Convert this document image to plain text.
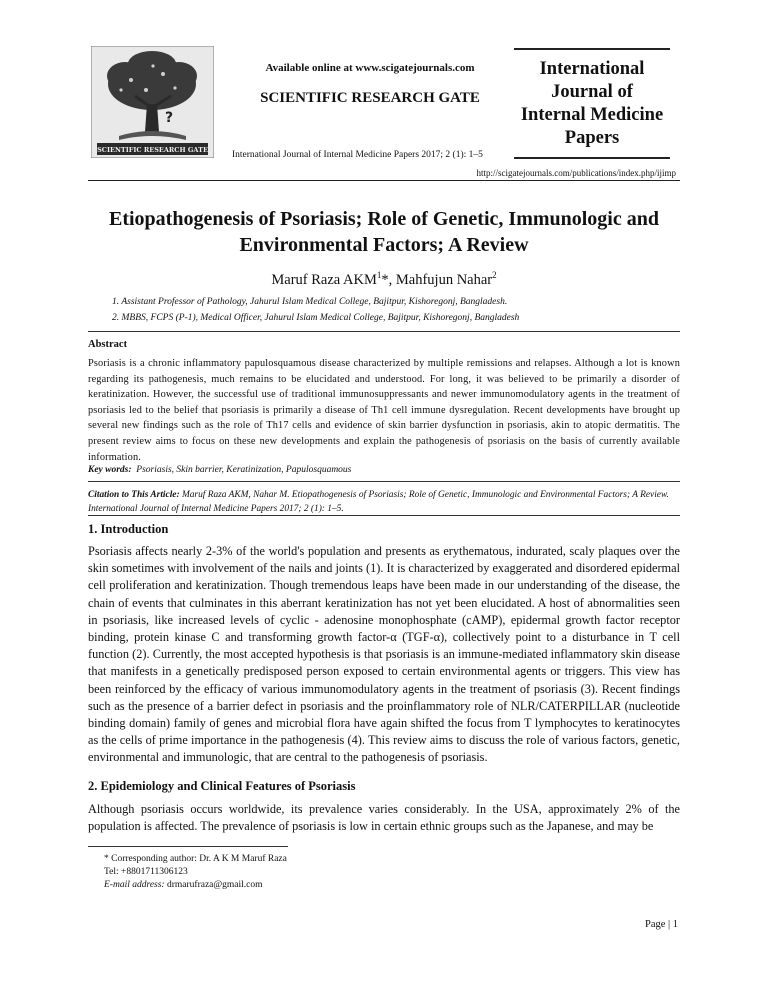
?
SCIENTIFIC RESEARCH GATE
Available online at www.scigatejournals.com
SCIENTIFIC RESEARCH GATE
International Journal of Internal Medicine Papers 2017; 2 (1): 1–5
International
Journal of
Internal Medicine
Papers
http://scigatejournals.com/publications/index.php/ijimp
Etiopathogenesis of Psoriasis; Role of Genetic, Immunologic and
Environmental Factors; A Review
Maruf Raza AKM$^1$*, Mahfujun Nahar$^2$
1. Assistant Professor of Pathology, Jahurul Islam Medical College, Bajitpur, Kishoregonj, Bangladesh.
2. MBBS, FCPS (P-1), Medical Officer, Jahurul Islam Medical College, Bajitpur, Kishoregonj, Bangladesh
Abstract
Psoriasis is a chronic inflammatory papulosquamous disease characterized by multiple remissions and relapses. Although a lot is known regarding its pathogenesis, much remains to be elucidated and understood. For long, it was believed to be primarily a disorder of keratinization. However, the successful use of traditional immunosuppressants and newer immunomodulatory agents in the treatment of psoriasis led to the belief that psoriasis is primarily a disease of Th1 cell immune dysregulation. Recent developments have brought up several new findings such as the role of Th17 cells and evidence of skin barrier dysfunction in psoriasis, akin to atopic dermatitis. The present review aims to focus on these new developments and explain the pathogenesis of psoriasis on the basis of currently available information.
Key words: Psoriasis, Skin barrier, Keratinization, Papulosquamous
Citation to This Article: Maruf Raza AKM, Nahar M. Etiopathogenesis of Psoriasis; Role of Genetic, Immunologic and Environmental Factors; A Review. International Journal of Internal Medicine Papers 2017; 2 (1): 1–5.
1. Introduction
Psoriasis affects nearly 2-3% of the world's population and presents as erythematous, indurated, scaly plaques over the skin sometimes with involvement of the nails and joints (1). It is characterized by exaggerated and disordered epidermal cell proliferation and keratinization. Though tremendous leaps have been made in our understanding of the disease, the chain of events that culminates in this aberrant keratinization has not yet been elucidated. A host of abnormalities seen in psoriasis, like increased levels of cyclic - adenosine monophosphate (cAMP), epidermal growth factor receptor binding, protein kinase C and transforming growth factor-α (TGF-α), collectively point to a disturbance in T cell function (2). Currently, the most accepted hypothesis is that psoriasis is an immune-mediated inflammatory skin disease that manifests in a genetically predisposed person exposed to certain environmental agents or triggers. This view has been reinforced by the efficacy of various immunomodulatory agents in the treatment of psoriasis (3). Recent findings such as the presence of a barrier defect in psoriasis and the proinflammatory role of NLR/CATERPILLAR (nucleotide binding domain) family of genes and microbial flora have again shifted the focus from T lymphocytes to keratinocytes as the cells of prime importance in the pathogenesis (4). This review aims to discuss the role of various factors, genetic, environmental and immunologic, that are central to the pathogenesis of psoriasis.
2. Epidemiology and Clinical Features of Psoriasis
Although psoriasis occurs worldwide, its prevalence varies considerably. In the USA, approximately 2% of the population is affected. The prevalence of psoriasis is low in certain ethnic groups such as the Japanese, and may be
* Corresponding author: Dr. A K M Maruf Raza
Tel: +8801711306123
E-mail address: drmarufraza@gmail.com
Page | 1
